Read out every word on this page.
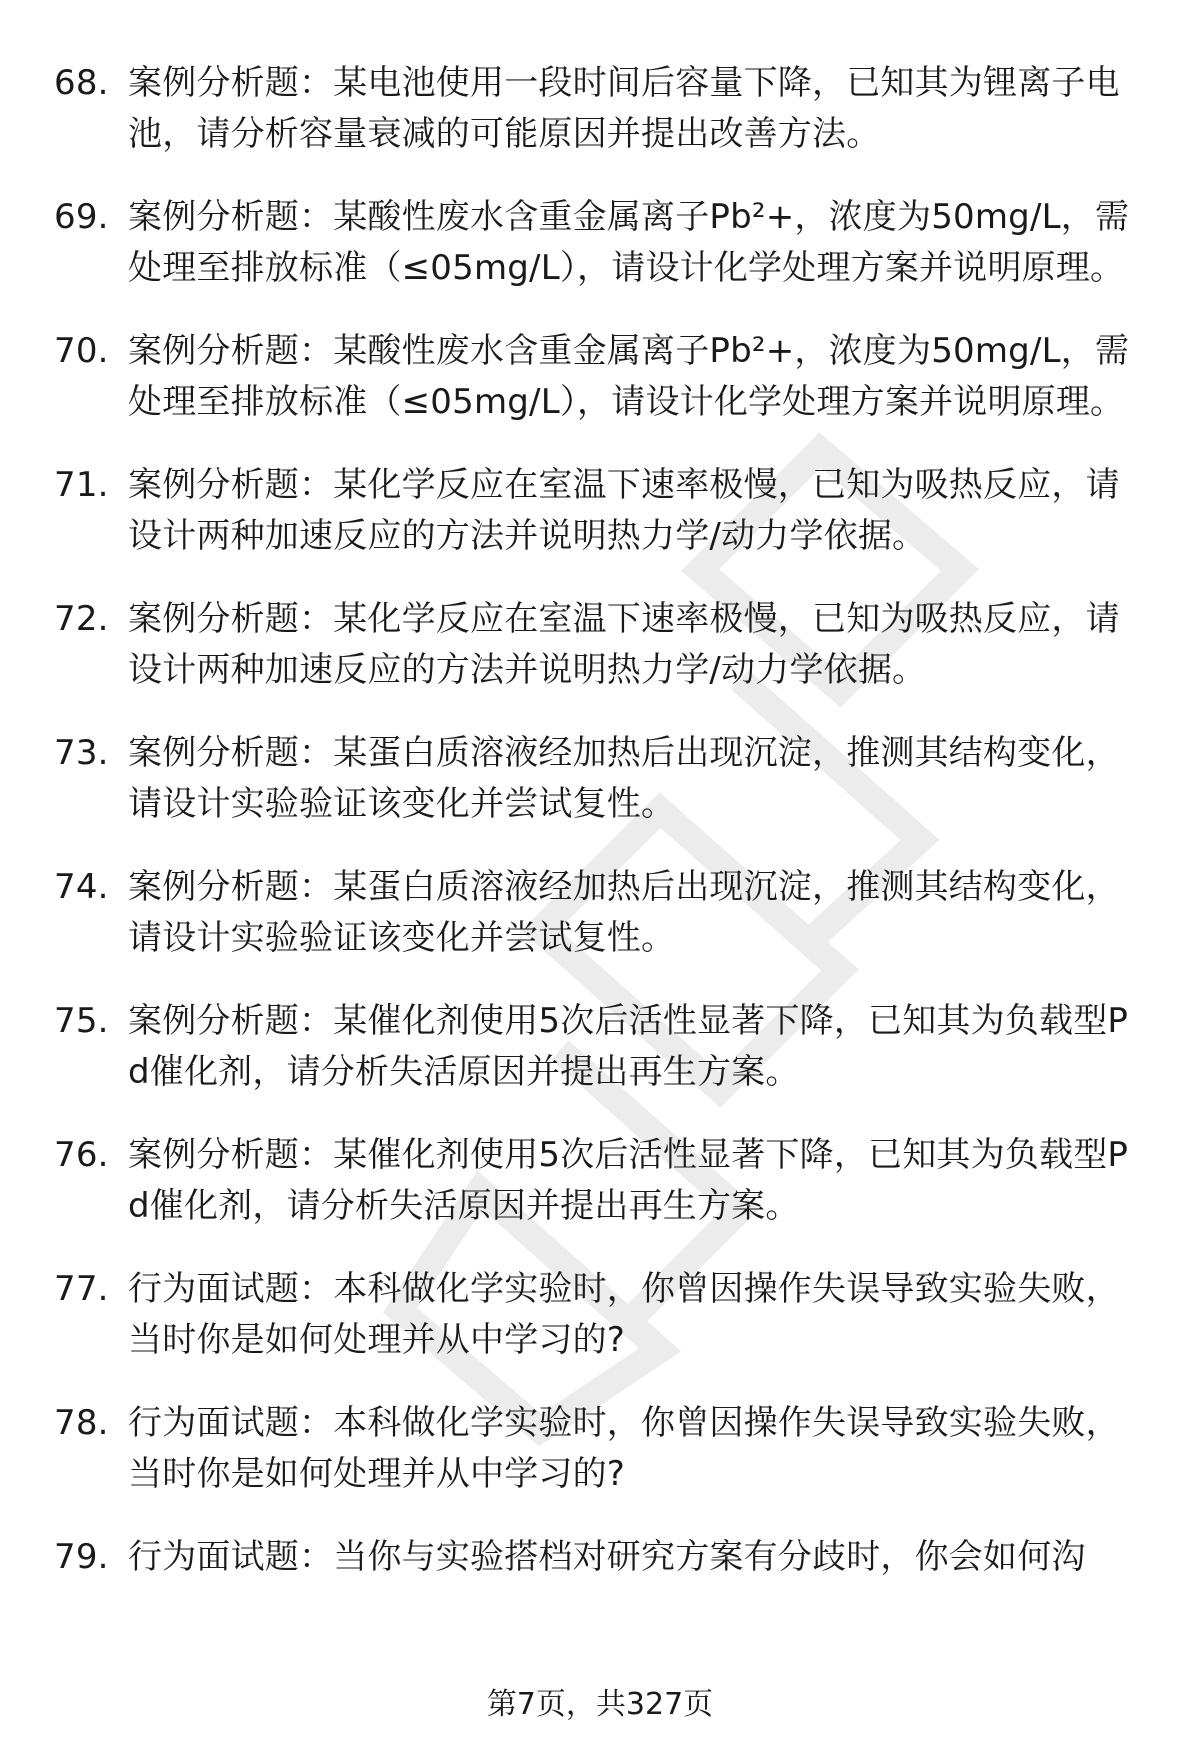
68. 案例分析题：某电池使用一段时间后容量下降，已知其为锂离子电池，请分析容量衰减的可能原因并提出改善方法。
69. 案例分析题：某酸性废水含重金属离子Pb²+，浓度为50mg/L，需处理至排放标准（≤05mg/L），请设计化学处理方案并说明原理。
70. 案例分析题：某酸性废水含重金属离子Pb²+，浓度为50mg/L，需处理至排放标准（≤05mg/L），请设计化学处理方案并说明原理。
71. 案例分析题：某化学反应在室温下速率极慢，已知为吸热反应，请设计两种加速反应的方法并说明热力学/动力学依据。
72. 案例分析题：某化学反应在室温下速率极慢，已知为吸热反应，请设计两种加速反应的方法并说明热力学/动力学依据。
73. 案例分析题：某蛋白质溶液经加热后出现沉淀，推测其结构变化，请设计实验验证该变化并尝试复性。
74. 案例分析题：某蛋白质溶液经加热后出现沉淀，推测其结构变化，请设计实验验证该变化并尝试复性。
75. 案例分析题：某催化剂使用5次后活性显著下降，已知其为负载型Pd催化剂，请分析失活原因并提出再生方案。
76. 案例分析题：某催化剂使用5次后活性显著下降，已知其为负载型Pd催化剂，请分析失活原因并提出再生方案。
77. 行为面试题：本科做化学实验时，你曾因操作失误导致实验失败，当时你是如何处理并从中学习的?
78. 行为面试题：本科做化学实验时，你曾因操作失误导致实验失败，当时你是如何处理并从中学习的?
79. 行为面试题：当你与实验搭档对研究方案有分歧时，你会如何沟
第7页，共327页
